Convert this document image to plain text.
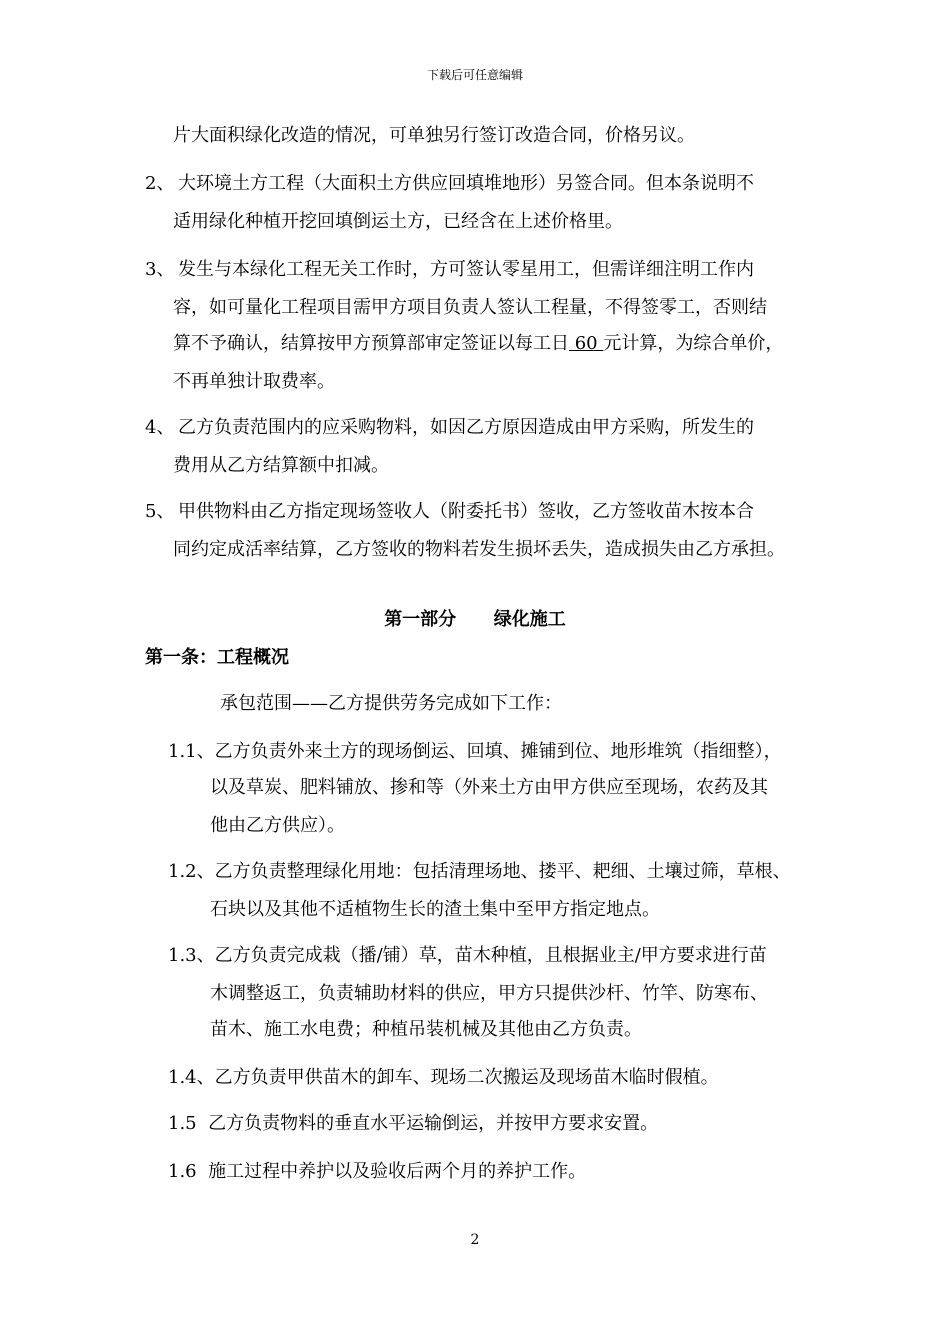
下载后可任意编辑
片大面积绿化改造的情况，可单独另行签订改造合同，价格另议。
2、 大环境土方工程（大面积土方供应回填堆地形）另签合同。但本条说明不
适用绿化种植开挖回填倒运土方，已经含在上述价格里。
3、 发生与本绿化工程无关工作时，方可签认零星用工，但需详细注明工作内
容，如可量化工程项目需甲方项目负责人签认工程量，不得签零工，否则结
算不予确认，结算按甲方预算部审定签证以每工日 60 元计算，为综合单价，
不再单独计取费率。
4、 乙方负责范围内的应采购物料，如因乙方原因造成由甲方采购，所发生的
费用从乙方结算额中扣减。
5、 甲供物料由乙方指定现场签收人（附委托书）签收，乙方签收苗木按本合
同约定成活率结算，乙方签收的物料若发生损坏丢失，造成损失由乙方承担。
第一部分      绿化施工
第一条：工程概况
承包范围——乙方提供劳务完成如下工作：
1.1、乙方负责外来土方的现场倒运、回填、摊铺到位、地形堆筑（指细整），
以及草炭、肥料铺放、掺和等（外来土方由甲方供应至现场，农药及其
他由乙方供应）。
1.2、乙方负责整理绿化用地：包括清理场地、搂平、耙细、土壤过筛，草根、
石块以及其他不适植物生长的渣土集中至甲方指定地点。
1.3、乙方负责完成栽（播/铺）草，苗木种植，且根据业主/甲方要求进行苗
木调整返工，负责辅助材料的供应，甲方只提供沙杆、竹竿、防寒布、
苗木、施工水电费；种植吊装机械及其他由乙方负责。
1.4、乙方负责甲供苗木的卸车、现场二次搬运及现场苗木临时假植。
1.5  乙方负责物料的垂直水平运输倒运，并按甲方要求安置。
1.6  施工过程中养护以及验收后两个月的养护工作。
2
